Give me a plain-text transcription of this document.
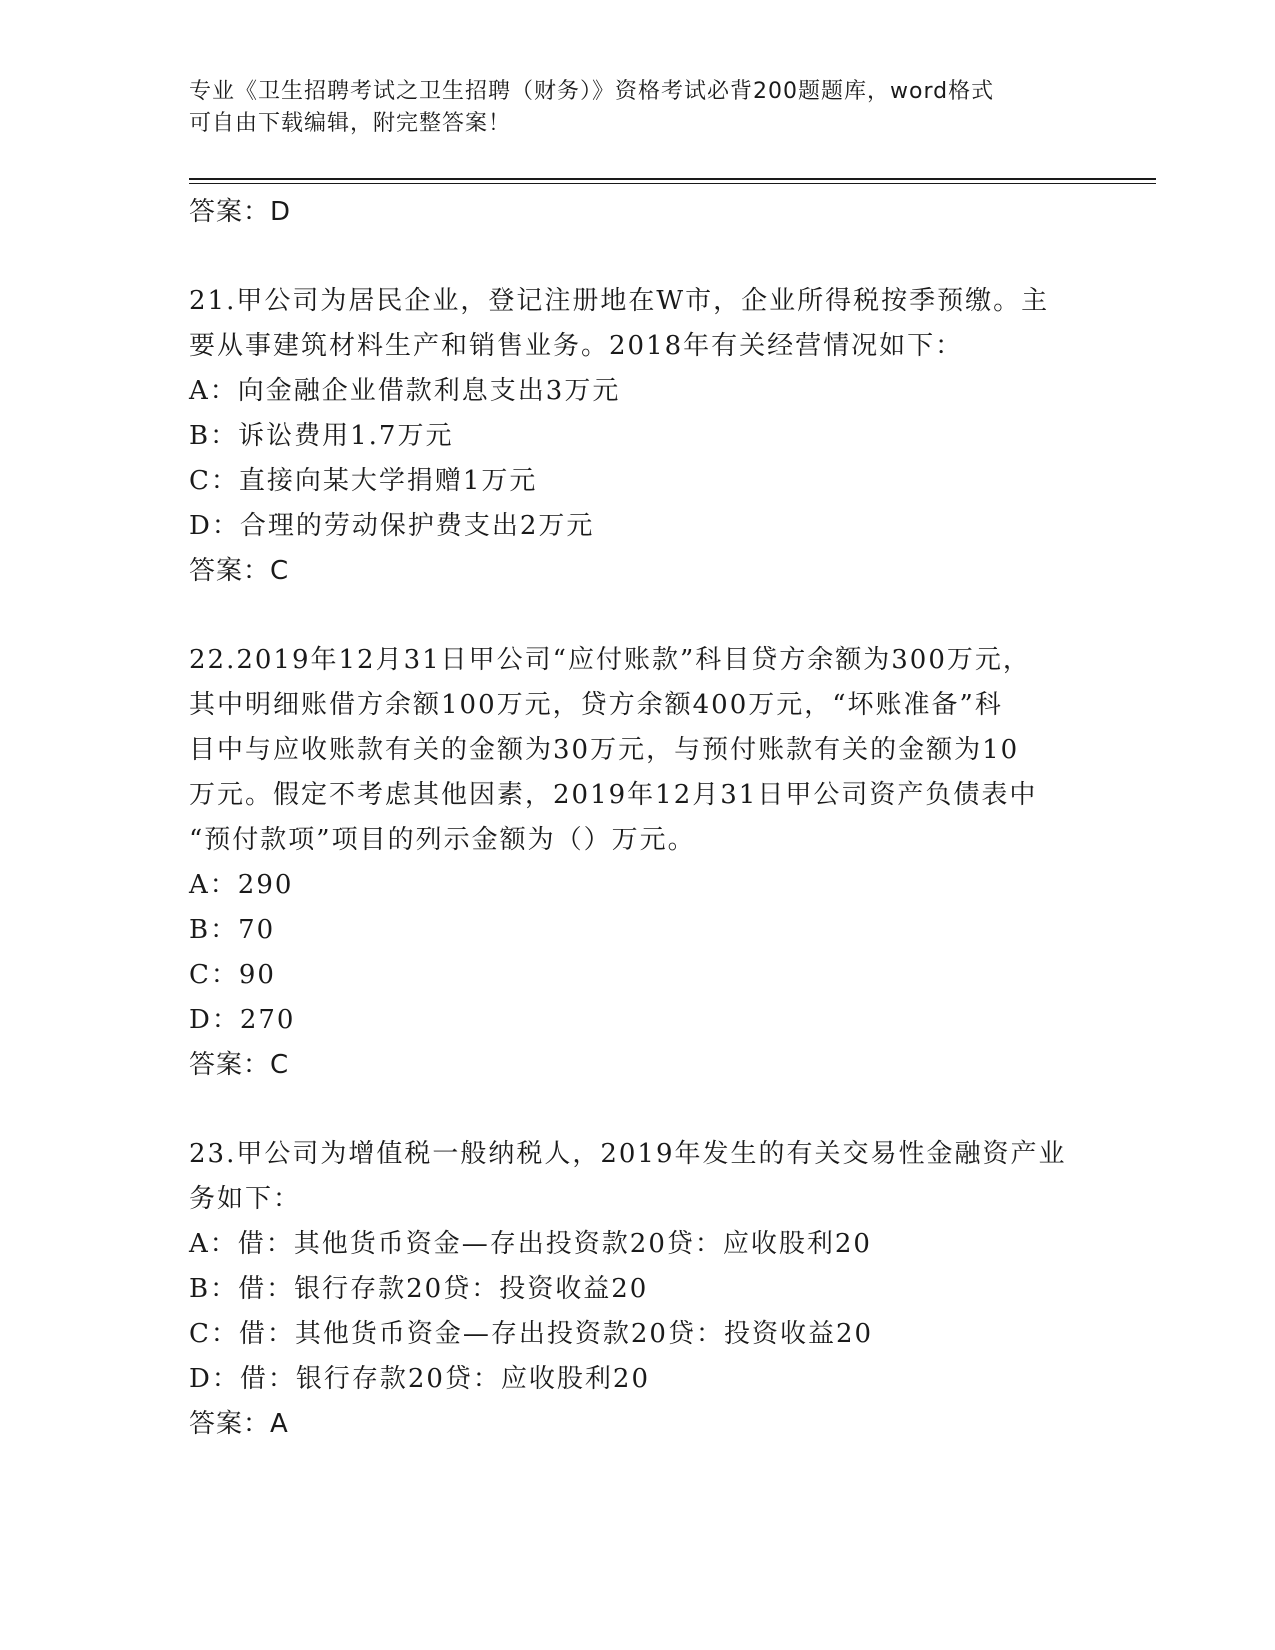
专业《卫生招聘考试之卫生招聘（财务）》资格考试必背200题题库，word格式
可自由下载编辑，附完整答案！
答案：D
21.甲公司为居民企业，登记注册地在W市，企业所得税按季预缴。主
要从事建筑材料生产和销售业务。2018年有关经营情况如下：
A：向金融企业借款利息支出3万元
B：诉讼费用1.7万元
C：直接向某大学捐赠1万元
D：合理的劳动保护费支出2万元
答案：C
22.2019年12月31日甲公司“应付账款”科目贷方余额为300万元，
其中明细账借方余额100万元，贷方余额400万元，“坏账准备”科
目中与应收账款有关的金额为30万元，与预付账款有关的金额为10
万元。假定不考虑其他因素，2019年12月31日甲公司资产负债表中
“预付款项”项目的列示金额为（）万元。
A：290
B：70
C：90
D：270
答案：C
23.甲公司为增值税一般纳税人，2019年发生的有关交易性金融资产业
务如下：
A：借：其他货币资金—存出投资款20贷：应收股利20
B：借：银行存款20贷：投资收益20
C：借：其他货币资金—存出投资款20贷：投资收益20
D：借：银行存款20贷：应收股利20
答案：A
